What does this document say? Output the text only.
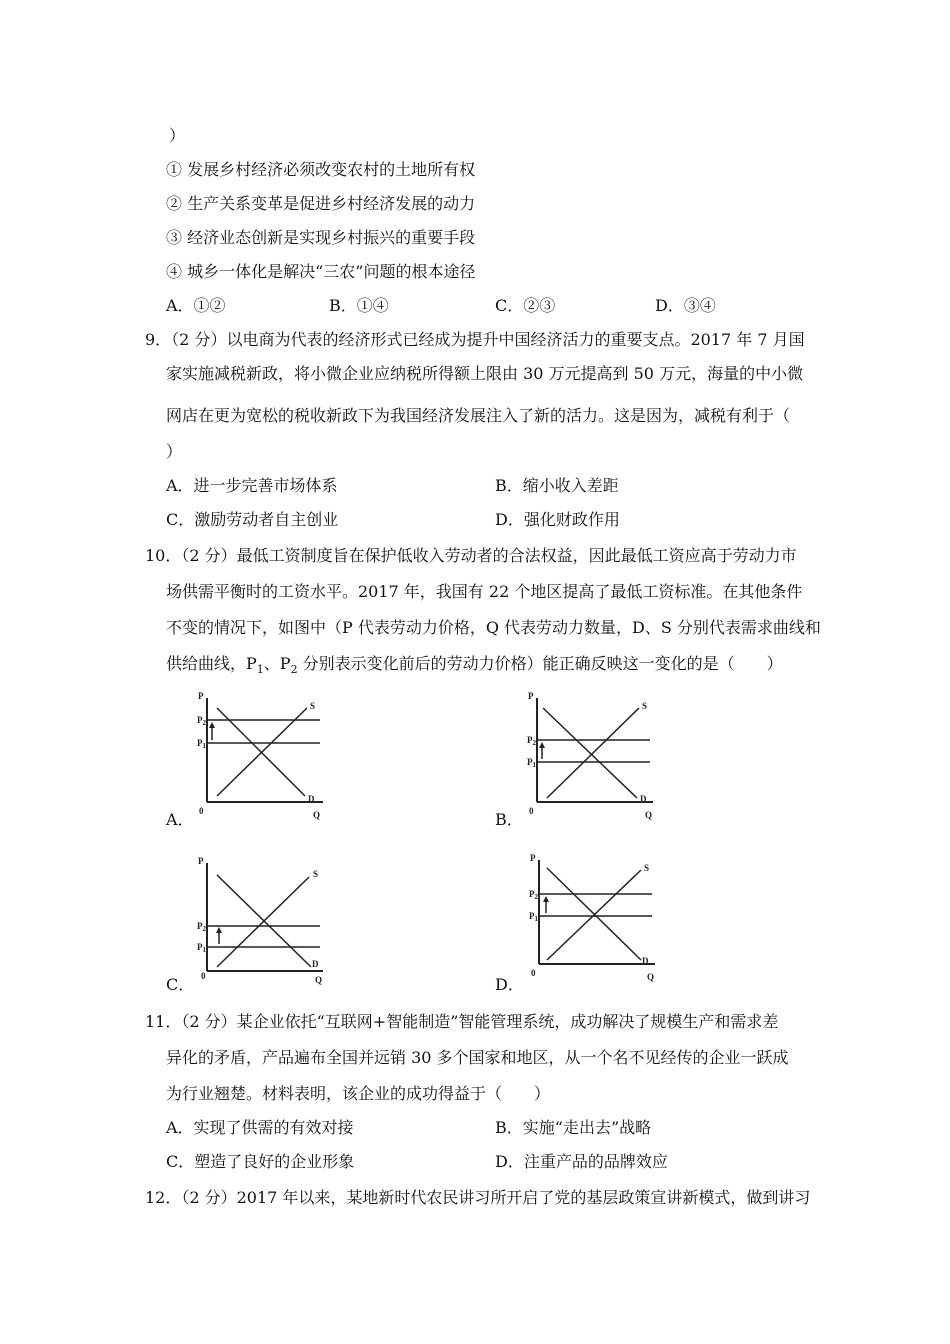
）
① 发展乡村经济必须改变农村的土地所有权
② 生产关系变革是促进乡村经济发展的动力
③ 经济业态创新是实现乡村振兴的重要手段
④ 城乡一体化是解决“三农”问题的根本途径
A．①②	B．①④	C．②③	D．③④
9．（2 分）以电商为代表的经济形式已经成为提升中国经济活力的重要支点。2017 年 7 月国
家实施减税新政，将小微企业应纳税所得额上限由 30 万元提高到 50 万元，海量的中小微
网店在更为宽松的税收新政下为我国经济发展注入了新的活力。这是因为，减税有利于（
）
A．进一步完善市场体系	B．缩小收入差距
C．激励劳动者自主创业	D．强化财政作用
10．（2 分）最低工资制度旨在保护低收入劳动者的合法权益，因此最低工资应高于劳动力市
场供需平衡时的工资水平。2017 年，我国有 22 个地区提高了最低工资标准。在其他条件
不变的情况下，如图中（P 代表劳动力价格，Q 代表劳动力数量，D、S 分别代表需求曲线和
供给曲线，$P_1$、$P_2$ 分别表示变化前后的劳动力价格）能正确反映这一变化的是（　　）
A．
P
$P_2$
$P_1$
S
D
0	Q	B．
P
$P_2$
$P_1$
S
D
0	Q
C．
P
$P_2$
$P_1$
S
D
0	Q	D．
P
$P_2$
$P_1$
S
D
0	Q
11．（2 分）某企业依托“互联网+智能制造”智能管理系统，成功解决了规模生产和需求差
异化的矛盾，产品遍布全国并远销 30 多个国家和地区，从一个名不见经传的企业一跃成
为行业翘楚。材料表明，该企业的成功得益于（　　）
A．实现了供需的有效对接	B．实施“走出去”战略
C．塑造了良好的企业形象	D．注重产品的品牌效应
12．（2 分）2017 年以来，某地新时代农民讲习所开启了党的基层政策宣讲新模式，做到讲习
